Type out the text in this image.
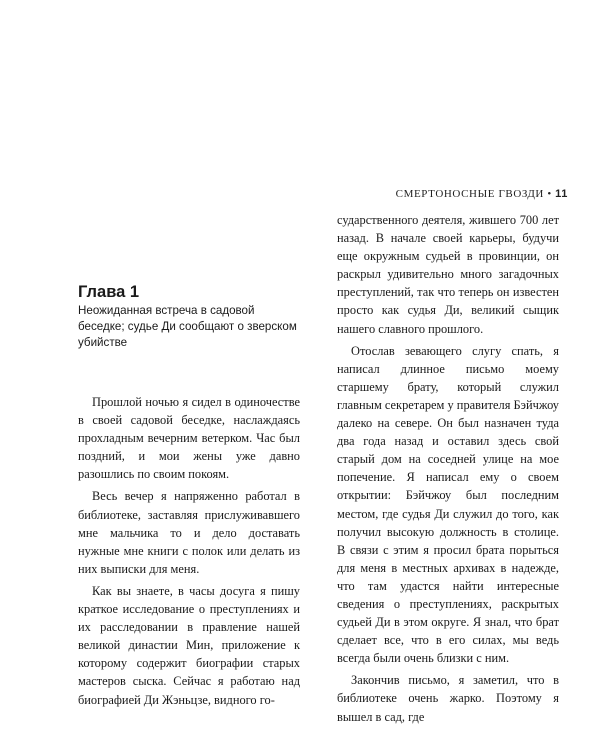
СМЕРТОНОСНЫЕ ГВОЗДИ • 11
Глава 1
Неожиданная встреча в садовой беседке; судье Ди сообщают о зверском убийстве

Прошлой ночью я сидел в одиночестве в своей садовой беседке, наслаждаясь прохладным вечерним ветерком. Час был поздний, и мои жены уже давно разошлись по своим покоям.

Весь вечер я напряженно работал в библиотеке, заставляя прислуживавшего мне мальчика то и дело доставать нужные мне книги с полок или делать из них выписки для меня.

Как вы знаете, в часы досуга я пишу краткое исследование о преступлениях и их расследовании в правление нашей великой династии Мин, приложение к которому содержит биографии старых мастеров сыска. Сейчас я работаю над биографией Ди Жэньцзе, видного го-

сударственного деятеля, жившего 700 лет назад. В начале своей карьеры, будучи еще окружным судьей в провинции, он раскрыл удивительно много загадочных преступлений, так что теперь он известен просто как судья Ди, великий сыщик нашего славного прошлого.

Отослав зевающего слугу спать, я написал длинное письмо моему старшему брату, который служил главным секретарем у правителя Бэйчжоу далеко на севере. Он был назначен туда два года назад и оставил здесь свой старый дом на соседней улице на мое попечение. Я написал ему о своем открытии: Бэйчжоу был последним местом, где судья Ди служил до того, как получил высокую должность в столице. В связи с этим я просил брата порыться для меня в местных архивах в надежде, что там удастся найти интересные сведения о преступлениях, раскрытых судьей Ди в этом округе. Я знал, что брат сделает все, что в его силах, мы ведь всегда были очень близки с ним.

Закончив письмо, я заметил, что в библиотеке очень жарко. Поэтому я вышел в сад, где
